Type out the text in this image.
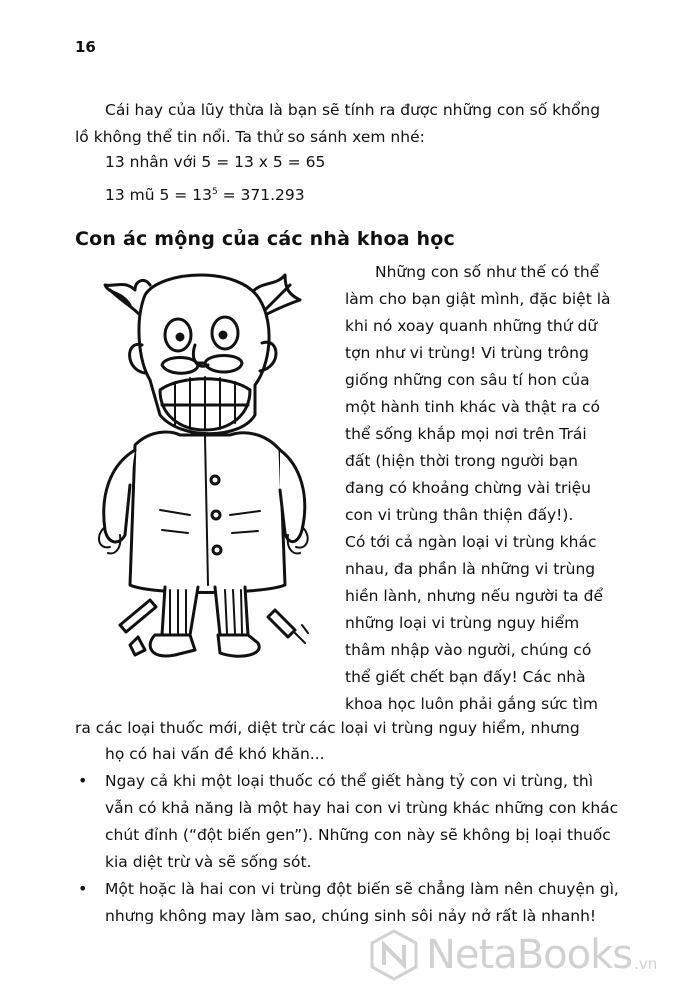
16
Cái hay của lũy thừa là bạn sẽ tính ra được những con số khổng
lồ không thể tin nổi. Ta thử so sánh xem nhé:
13 nhân với 5 = 13 x 5 = 65
13 mũ $5 = 13^5 = 371.293$
Con ác mộng của các nhà khoa học
Những con số như thế có thể
làm cho bạn giật mình, đặc biệt là
khi nó xoay quanh những thứ dữ
tợn như vi trùng! Vi trùng trông
giống những con sâu tí hon của
một hành tinh khác và thật ra có
thể sống khắp mọi nơi trên Trái
đất (hiện thời trong người bạn
đang có khoảng chừng vài triệu
con vi trùng thân thiện đấy!).
Có tới cả ngàn loại vi trùng khác
nhau, đa phần là những vi trùng
hiền lành, nhưng nếu người ta để
những loại vi trùng nguy hiểm
thâm nhập vào người, chúng có
thể giết chết bạn đấy! Các nhà
khoa học luôn phải gắng sức tìm
ra các loại thuốc mới, diệt trừ các loại vi trùng nguy hiểm, nhưng
họ có hai vấn đề khó khăn...
• Ngay cả khi một loại thuốc có thể giết hàng tỷ con vi trùng, thì
vẫn có khả năng là một hay hai con vi trùng khác những con khác
chút đỉnh (“đột biến gen”). Những con này sẽ không bị loại thuốc
kia diệt trừ và sẽ sống sót.
• Một hoặc là hai con vi trùng đột biến sẽ chẳng làm nên chuyện gì,
nhưng không may làm sao, chúng sinh sôi nảy nở rất là nhanh!
NetaBooks .vn
